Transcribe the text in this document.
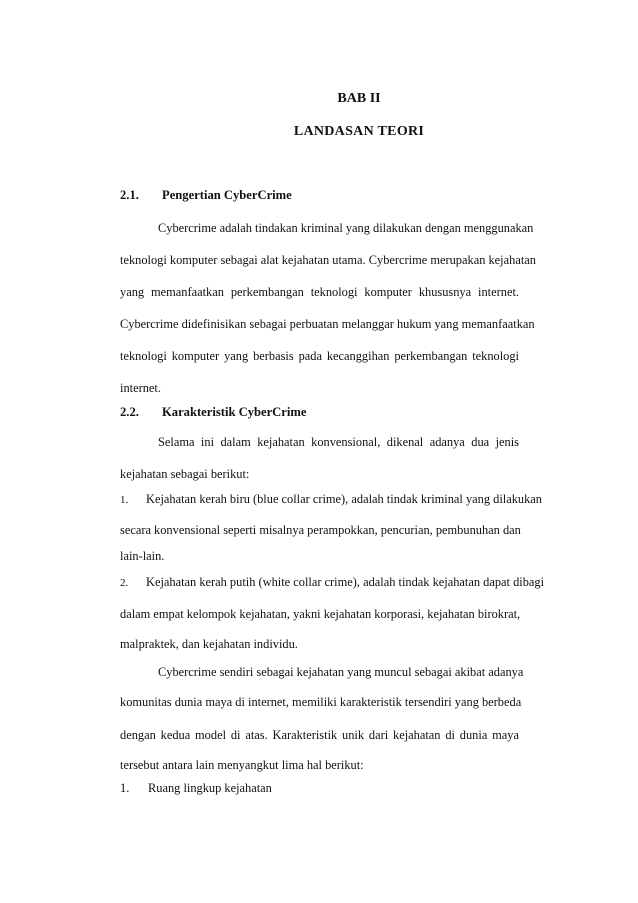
BAB II
LANDASAN TEORI
2.1. Pengertian CyberCrime
Cybercrime adalah tindakan kriminal yang dilakukan dengan menggunakan
teknologi komputer sebagai alat kejahatan utama. Cybercrime merupakan kejahatan
yang memanfaatkan perkembangan teknologi komputer khususnya internet.
Cybercrime didefinisikan sebagai perbuatan melanggar hukum yang memanfaatkan
teknologi komputer yang berbasis pada kecanggihan perkembangan teknologi
internet.
2.2. Karakteristik CyberCrime
Selama ini dalam kejahatan konvensional, dikenal adanya dua jenis
kejahatan sebagai berikut:
1. Kejahatan kerah biru (blue collar crime), adalah tindak kriminal yang dilakukan
secara konvensional seperti misalnya perampokkan, pencurian, pembunuhan dan
lain-lain.
2. Kejahatan kerah putih (white collar crime), adalah tindak kejahatan dapat dibagi
dalam empat kelompok kejahatan, yakni kejahatan korporasi, kejahatan birokrat,
malpraktek, dan kejahatan individu.
Cybercrime sendiri sebagai kejahatan yang muncul sebagai akibat adanya
komunitas dunia maya di internet, memiliki karakteristik tersendiri yang berbeda
dengan kedua model di atas. Karakteristik unik dari kejahatan di dunia maya
tersebut antara lain menyangkut lima hal berikut:
1. Ruang lingkup kejahatan
